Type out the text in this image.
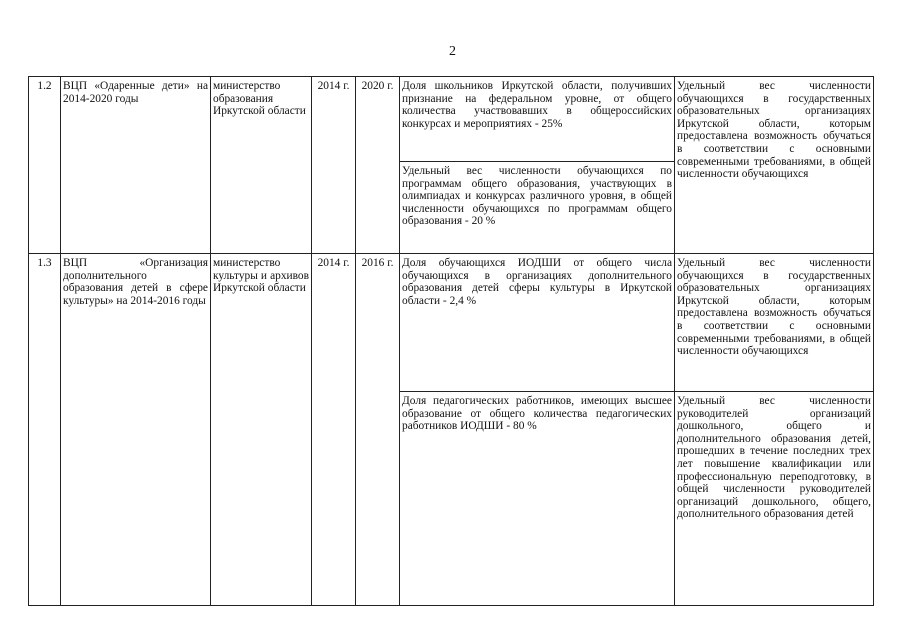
2
1.2	ВЦП «Одаренные дети» на 2014-2020 годы	министерство образования Иркутской области	2014 г.	2020 г.	Доля школьников Иркутской области, получивших признание на федеральном уровне, от общего количества участвовавших в общероссийских конкурсах и мероприятиях - 25%	Удельный вес численности обучающихся в государственных образовательных организациях Иркутской области, которым предоставлена возможность обучаться в соответствии с основными современными требованиями, в общей численности обучающихся
					Удельный вес численности обучающихся по программам общего образования, участвующих в олимпиадах и конкурсах различного уровня, в общей численности обучающихся по программам общего образования - 20 %	
1.3	ВЦП «Организация дополнительного образования детей в сфере культуры» на 2014-2016 годы	министерство культуры и архивов Иркутской области	2014 г.	2016 г.	Доля обучающихся ИОДШИ от общего числа обучающихся в организациях дополнительного образования детей сферы культуры в Иркутской области - 2,4 %	Удельный вес численности обучающихся в государственных образовательных организациях Иркутской области, которым предоставлена возможность обучаться в соответствии с основными современными требованиями, в общей численности обучающихся
					Доля педагогических работников, имеющих высшее образование от общего количества педагогических работников ИОДШИ - 80 %	Удельный вес численности руководителей организаций дошкольного, общего и дополнительного образования детей, прошедших в течение последних трех лет повышение квалификации или профессиональную переподготовку, в общей численности руководителей организаций дошкольного, общего, дополнительного образования детей
